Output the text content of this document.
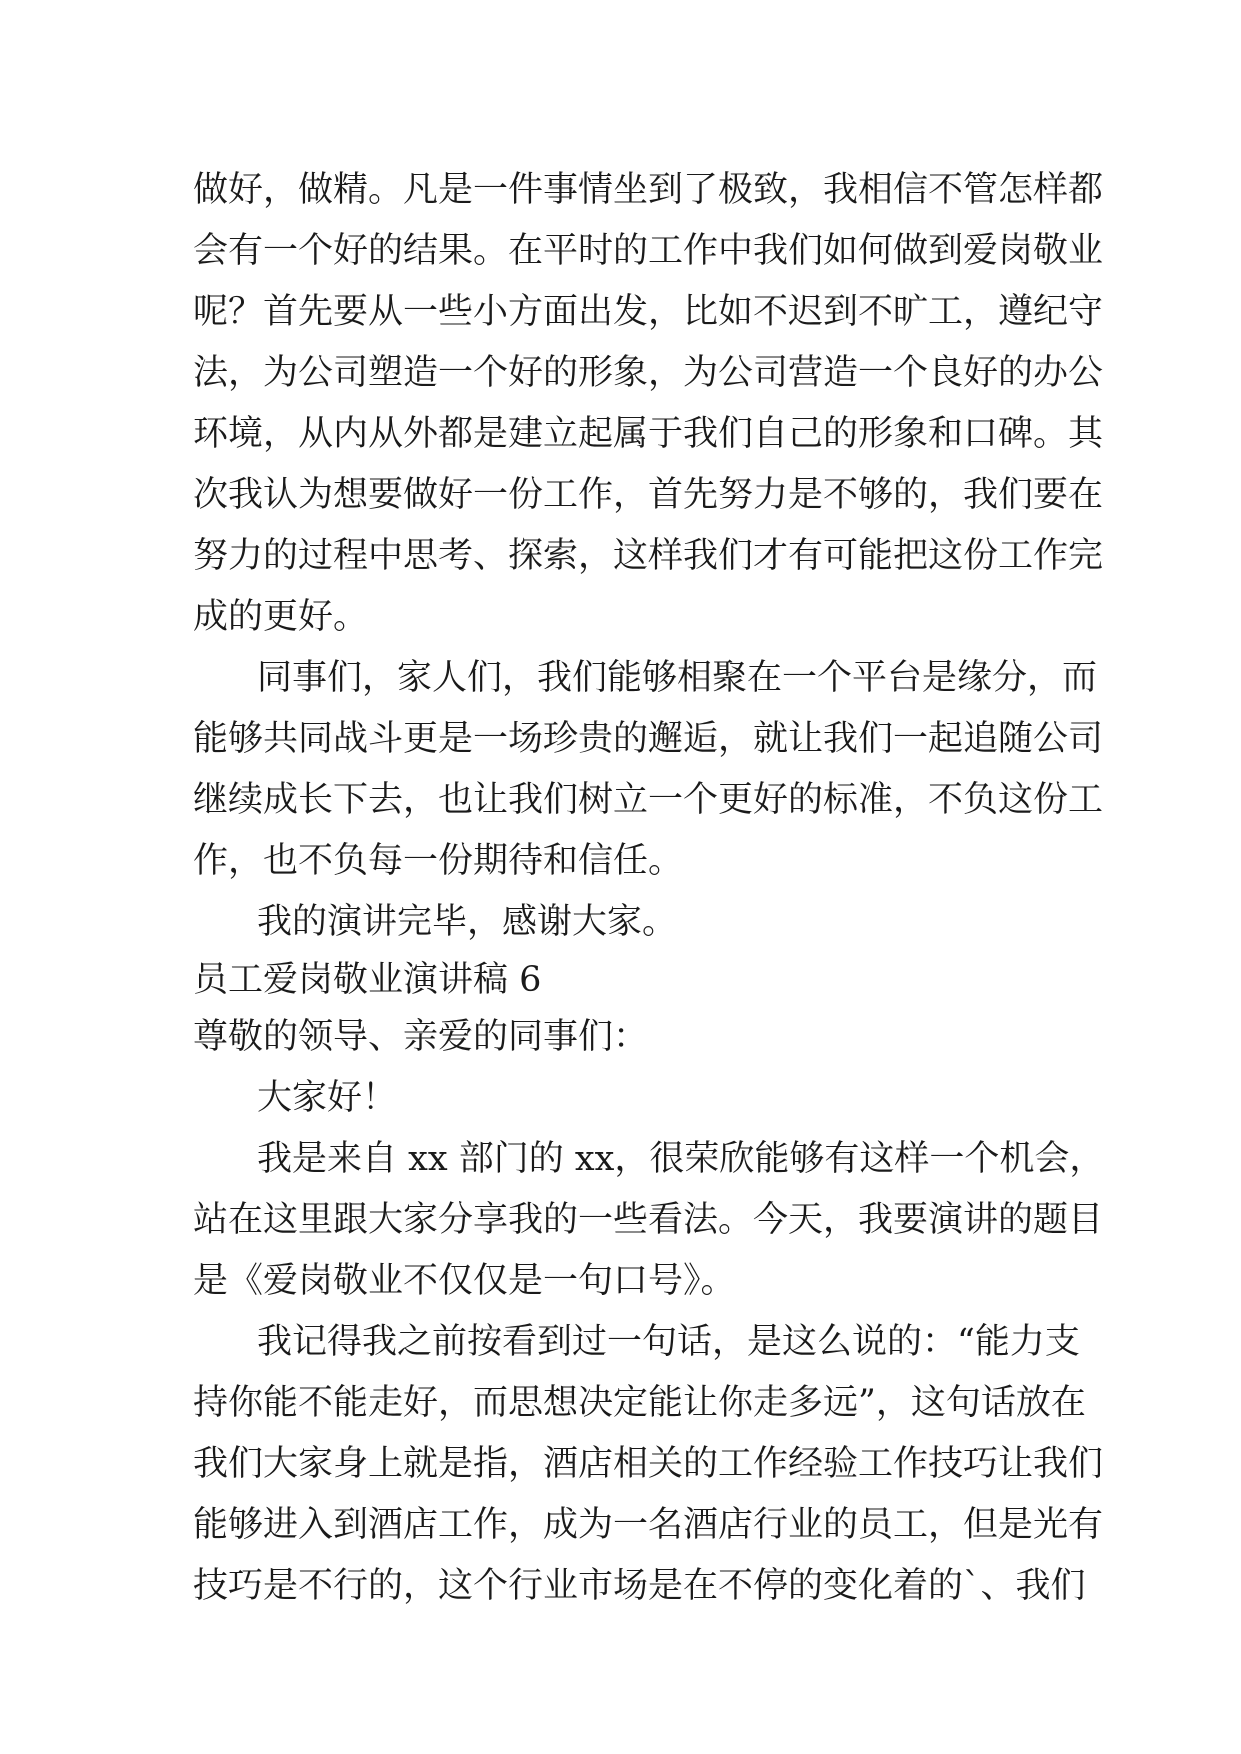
做好，做精。凡是一件事情坐到了极致，我相信不管怎样都
会有一个好的结果。在平时的工作中我们如何做到爱岗敬业
呢？首先要从一些小方面出发，比如不迟到不旷工，遵纪守
法，为公司塑造一个好的形象，为公司营造一个良好的办公
环境，从内从外都是建立起属于我们自己的形象和口碑。其
次我认为想要做好一份工作，首先努力是不够的，我们要在
努力的过程中思考、探索，这样我们才有可能把这份工作完
成的更好。
同事们，家人们，我们能够相聚在一个平台是缘分，而
能够共同战斗更是一场珍贵的邂逅，就让我们一起追随公司
继续成长下去，也让我们树立一个更好的标准，不负这份工
作，也不负每一份期待和信任。
我的演讲完毕，感谢大家。
员工爱岗敬业演讲稿 6
尊敬的领导、亲爱的同事们：
大家好！
我是来自 xx 部门的 xx，很荣欣能够有这样一个机会，
站在这里跟大家分享我的一些看法。今天，我要演讲的题目
是《爱岗敬业不仅仅是一句口号》。
我记得我之前按看到过一句话，是这么说的：“能力支
持你能不能走好，而思想决定能让你走多远”，这句话放在
我们大家身上就是指，酒店相关的工作经验工作技巧让我们
能够进入到酒店工作，成为一名酒店行业的员工，但是光有
技巧是不行的，这个行业市场是在不停的变化着的`、我们
